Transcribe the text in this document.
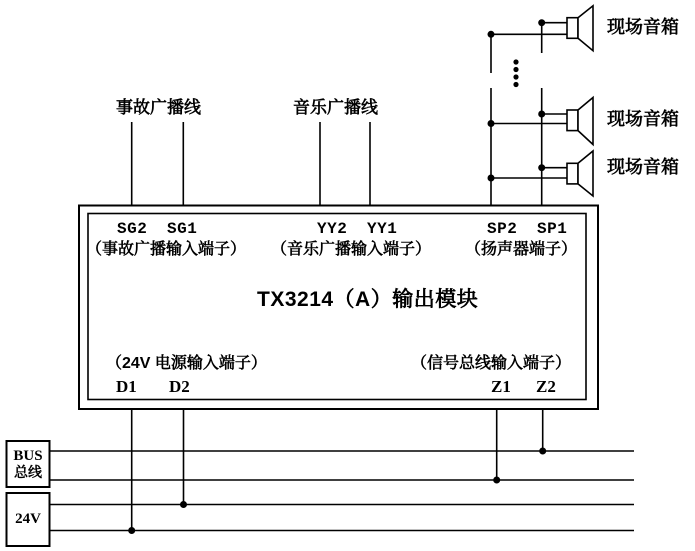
事故广播线	音乐广播线
现场音箱
现场音箱
现场音箱
SG2 SG1	YY2 YY1	SP2 SP1
（事故广播输入端子） （音乐广播输入端子） （扬声器端子）
TX3214（A）输出模块
（24V 电源输入端子）	（信号总线输入端子）
D1 D2	Z1 Z2
BUS
总线
24V
